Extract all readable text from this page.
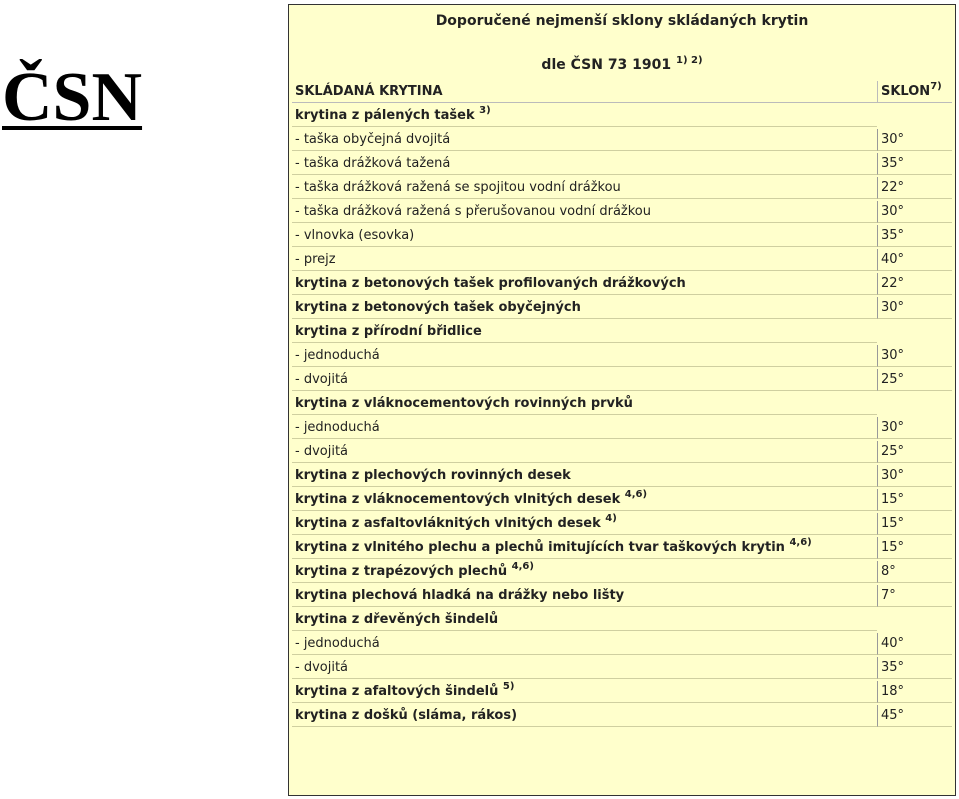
ČSN
Doporučené nejmenší sklony skládaných krytin
dle ČSN 73 1901 $^{1) 2)}$
SKLÁDANÁ KRYTINA	SKLON$^{7)}$
krytina z pálených tašek $^{3)}$	
- taška obyčejná dvojitá	30°
- taška drážková tažená	35°
- taška drážková ražená se spojitou vodní drážkou	22°
- taška drážková ražená s přerušovanou vodní drážkou	30°
- vlnovka (esovka)	35°
- prejz	40°
krytina z betonových tašek profilovaných drážkových	22°
krytina z betonových tašek obyčejných	30°
krytina z přírodní břidlice	
- jednoduchá	30°
- dvojitá	25°
krytina z vláknocementových rovinných prvků	
- jednoduchá	30°
- dvojitá	25°
krytina z plechových rovinných desek	30°
krytina z vláknocementových vlnitých desek $^{4,6)}$	15°
krytina z asfaltovláknitých vlnitých desek $^{4)}$	15°
krytina z vlnitého plechu a plechů imitujících tvar taškových krytin $^{4,6)}$	15°
krytina z trapézových plechů $^{4,6)}$	8°
krytina plechová hladká na drážky nebo lišty	7°
krytina z dřevěných šindelů	
- jednoduchá	40°
- dvojitá	35°
krytina z afaltových šindelů $^{5)}$	18°
krytina z došků (sláma, rákos)	45°
